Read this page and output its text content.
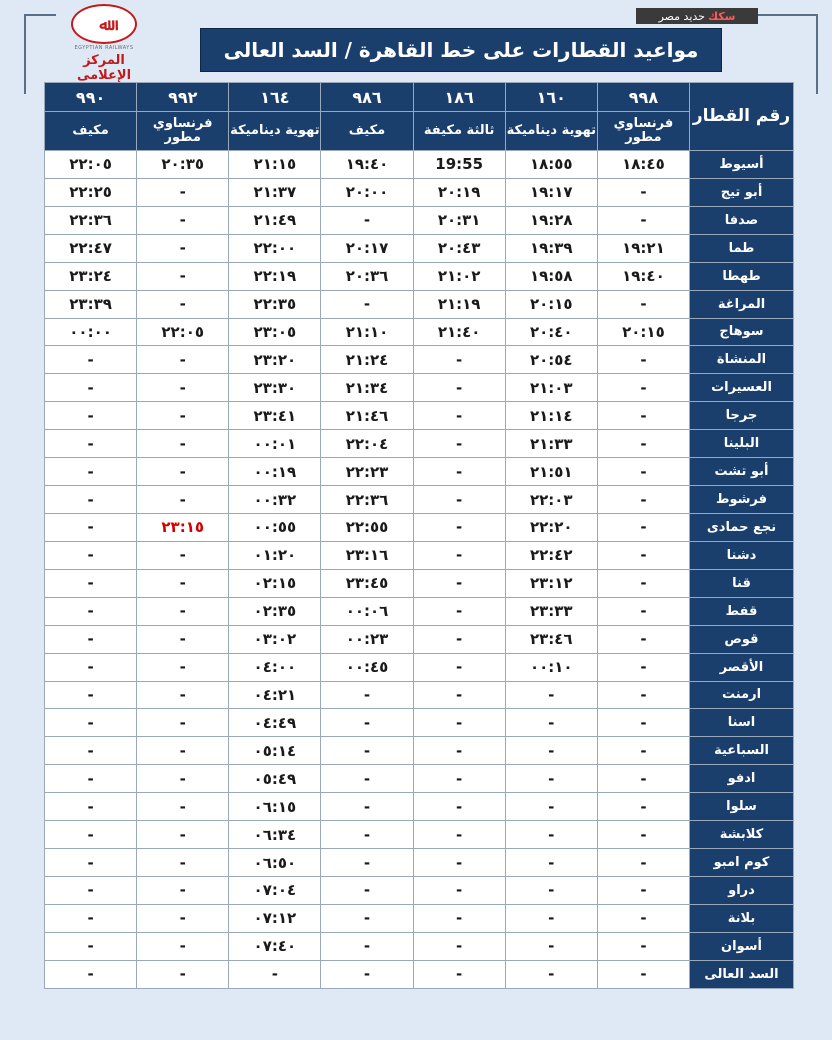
ﷲ
EGYPTIAN RAILWAYS
المركز الإعلامى
سكك
حديد مصر
مواعيد القطارات على خط القاهرة / السد العالى
رقم القطار	٩٩٨	١٦٠	١٨٦	٩٨٦	١٦٤	٩٩٢	٩٩٠
	فرنساوي مطور	تهوية ديناميكة	ثالثة مكيفة	مكيف	تهوية ديناميكة	فرنساوي مطور	مكيف
أسيوط	١٨:٤٥	١٨:٥٥	19:55	١٩:٤٠	٢١:١٥	٢٠:٣٥	٢٢:٠٥
أبو تيج	-	١٩:١٧	٢٠:١٩	٢٠:٠٠	٢١:٣٧	-	٢٢:٢٥
صدفا	-	١٩:٢٨	٢٠:٣١	-	٢١:٤٩	-	٢٢:٣٦
طما	١٩:٢١	١٩:٣٩	٢٠:٤٣	٢٠:١٧	٢٢:٠٠	-	٢٢:٤٧
طهطا	١٩:٤٠	١٩:٥٨	٢١:٠٢	٢٠:٣٦	٢٢:١٩	-	٢٣:٢٤
المراغة	-	٢٠:١٥	٢١:١٩	-	٢٢:٣٥	-	٢٣:٣٩
سوهاج	٢٠:١٥	٢٠:٤٠	٢١:٤٠	٢١:١٠	٢٣:٠٥	٢٢:٠٥	٠٠:٠٠
المنشاة	-	٢٠:٥٤	-	٢١:٢٤	٢٣:٢٠	-	-
العسيرات	-	٢١:٠٣	-	٢١:٣٤	٢٣:٣٠	-	-
جرجا	-	٢١:١٤	-	٢١:٤٦	٢٣:٤١	-	-
البلينا	-	٢١:٣٣	-	٢٢:٠٤	٠٠:٠١	-	-
أبو تشت	-	٢١:٥١	-	٢٢:٢٣	٠٠:١٩	-	-
فرشوط	-	٢٢:٠٣	-	٢٢:٣٦	٠٠:٣٢	-	-
نجع حمادى	-	٢٢:٢٠	-	٢٢:٥٥	٠٠:٥٥	٢٣:١٥	-
دشنا	-	٢٢:٤٢	-	٢٣:١٦	٠١:٢٠	-	-
قنا	-	٢٣:١٢	-	٢٣:٤٥	٠٢:١٥	-	-
قفط	-	٢٣:٣٣	-	٠٠:٠٦	٠٢:٣٥	-	-
قوص	-	٢٣:٤٦	-	٠٠:٢٣	٠٣:٠٢	-	-
الأقصر	-	٠٠:١٠	-	٠٠:٤٥	٠٤:٠٠	-	-
ارمنت	-	-	-	-	٠٤:٢١	-	-
اسنا	-	-	-	-	٠٤:٤٩	-	-
السباعية	-	-	-	-	٠٥:١٤	-	-
ادفو	-	-	-	-	٠٥:٤٩	-	-
سلوا	-	-	-	-	٠٦:١٥	-	-
كلابشة	-	-	-	-	٠٦:٣٤	-	-
كوم امبو	-	-	-	-	٠٦:٥٠	-	-
دراو	-	-	-	-	٠٧:٠٤	-	-
بلانة	-	-	-	-	٠٧:١٢	-	-
أسوان	-	-	-	-	٠٧:٤٠	-	-
السد العالى	-	-	-	-	-	-	-
